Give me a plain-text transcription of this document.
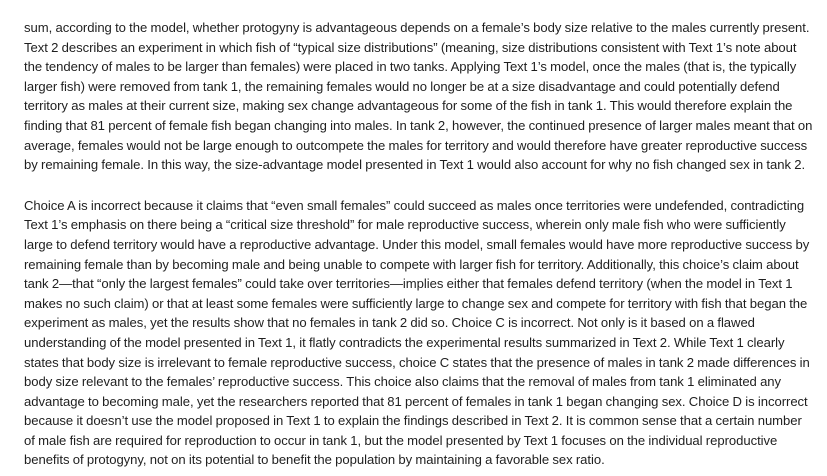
sum, according to the model, whether protogyny is advantageous depends on a female’s body size relative to the males currently present. Text 2 describes an experiment in which fish of “typical size distributions” (meaning, size distributions consistent with Text 1’s note about the tendency of males to be larger than females) were placed in two tanks. Applying Text 1’s model, once the males (that is, the typically larger fish) were removed from tank 1, the remaining females would no longer be at a size disadvantage and could potentially defend territory as males at their current size, making sex change advantageous for some of the fish in tank 1. This would therefore explain the finding that 81 percent of female fish began changing into males. In tank 2, however, the continued presence of larger males meant that on average, females would not be large enough to outcompete the males for territory and would therefore have greater reproductive success by remaining female. In this way, the size-advantage model presented in Text 1 would also account for why no fish changed sex in tank 2.

Choice A is incorrect because it claims that “even small females” could succeed as males once territories were undefended, contradicting Text 1’s emphasis on there being a “critical size threshold” for male reproductive success, wherein only male fish who were sufficiently large to defend territory would have a reproductive advantage. Under this model, small females would have more reproductive success by remaining female than by becoming male and being unable to compete with larger fish for territory. Additionally, this choice’s claim about tank 2—that “only the largest females” could take over territories—implies either that females defend territory (when the model in Text 1 makes no such claim) or that at least some females were sufficiently large to change sex and compete for territory with fish that began the experiment as males, yet the results show that no females in tank 2 did so. Choice C is incorrect. Not only is it based on a flawed understanding of the model presented in Text 1, it flatly contradicts the experimental results summarized in Text 2. While Text 1 clearly states that body size is irrelevant to female reproductive success, choice C states that the presence of males in tank 2 made differences in body size relevant to the females’ reproductive success. This choice also claims that the removal of males from tank 1 eliminated any advantage to becoming male, yet the researchers reported that 81 percent of females in tank 1 began changing sex. Choice D is incorrect because it doesn’t use the model proposed in Text 1 to explain the findings described in Text 2. It is common sense that a certain number of male fish are required for reproduction to occur in tank 1, but the model presented by Text 1 focuses on the individual reproductive benefits of protogyny, not on its potential to benefit the population by maintaining a favorable sex ratio.
